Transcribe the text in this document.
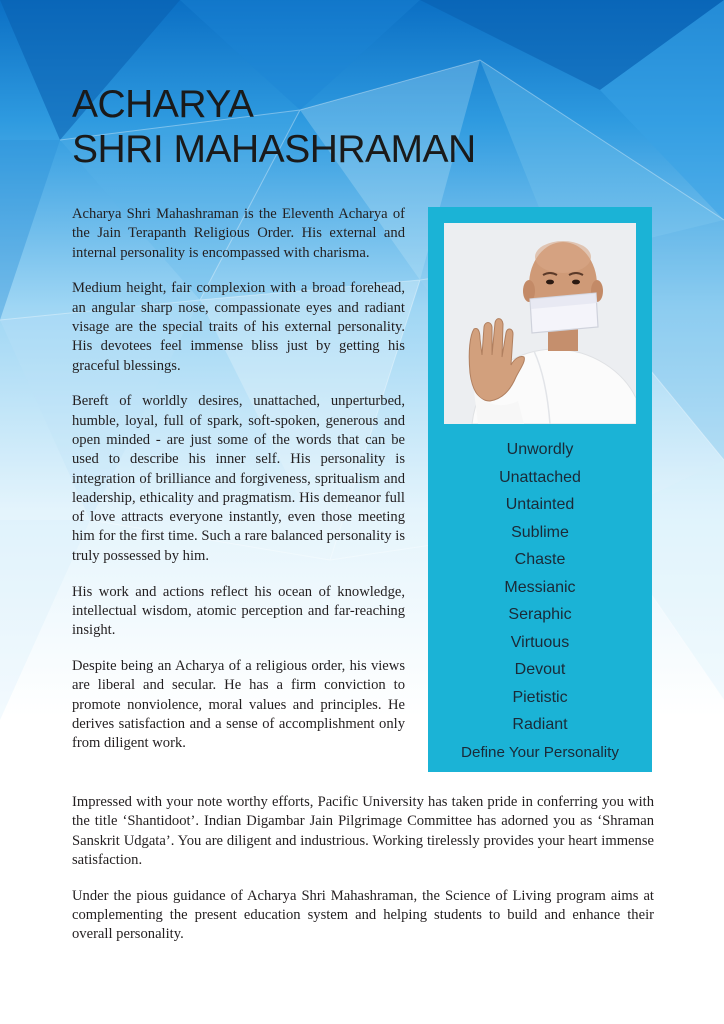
ACHARYA
SHRI MAHASHRAMAN

Acharya Shri Mahashraman is the Eleventh Acharya of the Jain Terapanth Religious Order. His external and internal personality is encompassed with charisma.

Medium height, fair complexion with a broad forehead, an angular sharp nose, compassionate eyes and radiant visage are the special traits of his external personality. His devotees feel immense bliss just by getting his graceful blessings.

Bereft of worldly desires, unattached, unperturbed, humble, loyal, full of spark, soft-spoken, generous and open minded - are just some of the words that can be used to describe his inner self. His personality is integration of brilliance and forgiveness, spritualism and leadership, ethicality and pragmatism. His demeanor full of love attracts everyone instantly, even those meeting him for the first time. Such a rare balanced personality is truly possessed by him.

His work and actions reflect his ocean of knowledge, intellectual wisdom, atomic perception and far-reaching insight.

Despite being an Acharya of a religious order, his views are liberal and secular. He has a firm conviction to promote nonviolence, moral values and principles. He derives satisfaction and a sense of accomplishment only from diligent work.

Unwordly
Unattached
Untainted
Sublime
Chaste
Messianic
Seraphic
Virtuous
Devout
Pietistic
Radiant
Define Your Personality

Impressed with your note worthy efforts, Pacific University has taken pride in conferring you with the title ‘Shantidoot’. Indian Digambar Jain Pilgrimage Committee has adorned you as ‘Shraman Sanskrit Udgata’. You are diligent and industrious. Working tirelessly provides your heart immense satisfaction.

Under the pious guidance of Acharya Shri Mahashraman, the Science of Living program aims at complementing the present education system and helping students to build and enhance their overall personality.
